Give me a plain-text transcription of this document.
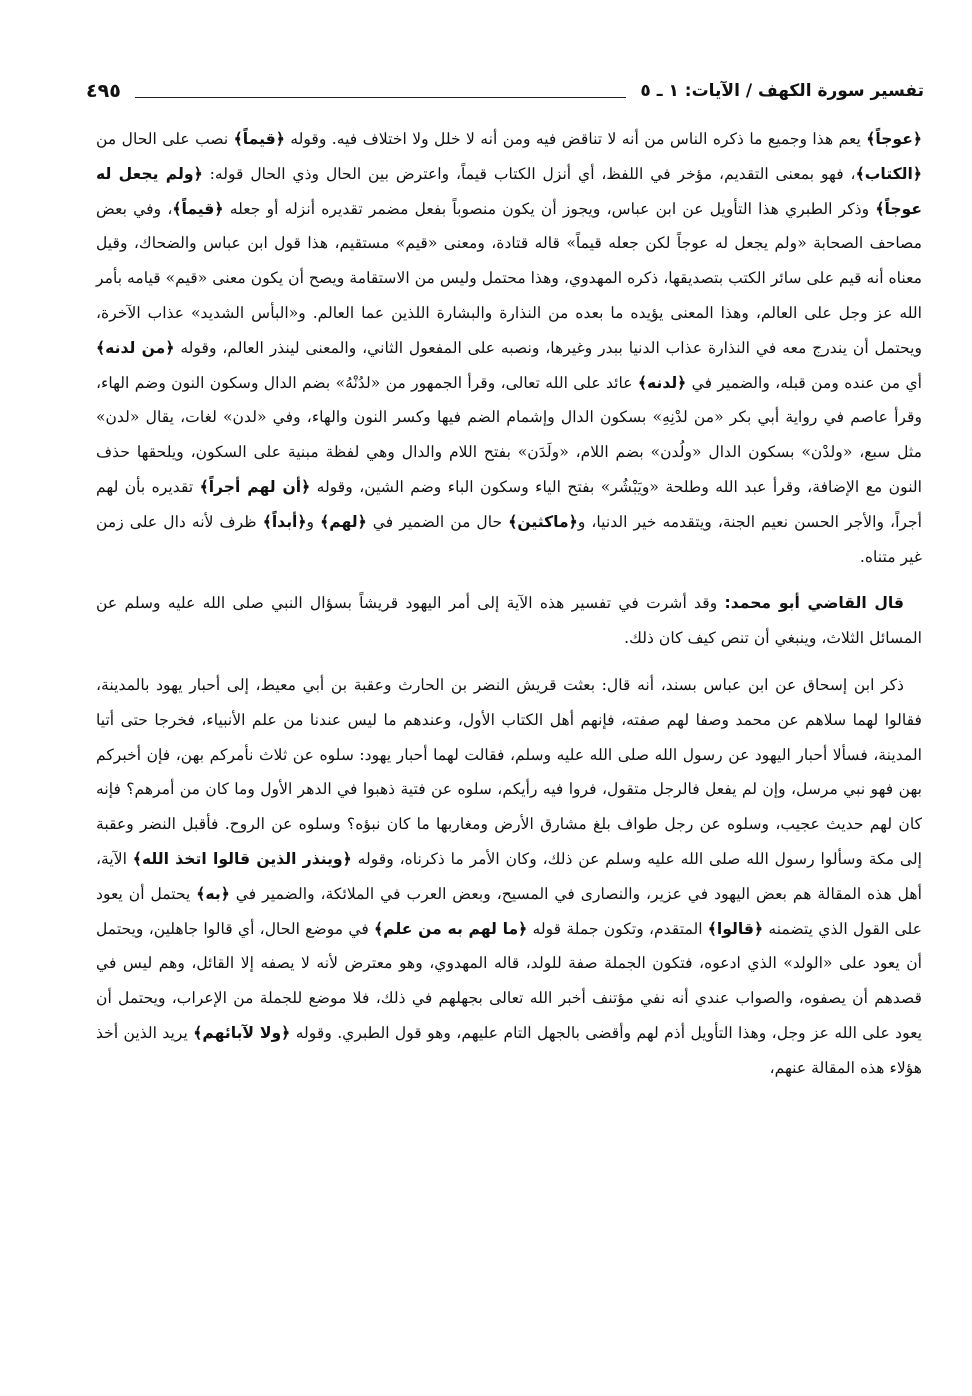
تفسير سورة الكهف / الآيات: ١ ـ ٥
٤٩٥

﴿عوجاً﴾ يعم هذا وجميع ما ذكره الناس من أنه لا تناقض فيه ومن أنه لا خلل ولا اختلاف فيه. وقوله ﴿قيماً﴾ نصب على الحال من ﴿الكتاب﴾، فهو بمعنى التقديم، مؤخر في اللفظ، أي أنزل الكتاب قيماً، واعترض بين الحال وذي الحال قوله: ﴿ولم يجعل له عوجاً﴾ وذكر الطبري هذا التأويل عن ابن عباس، ويجوز أن يكون منصوباً بفعل مضمر تقديره أنزله أو جعله ﴿قيماً﴾، وفي بعض مصاحف الصحابة «ولم يجعل له عوجاً لكن جعله قيماً» قاله قتادة، ومعنى «قيم» مستقيم، هذا قول ابن عباس والضحاك، وقيل معناه أنه قيم على سائر الكتب بتصديقها، ذكره المهدوي، وهذا محتمل وليس من الاستقامة ويصح أن يكون معنى «قيم» قيامه بأمر الله عز وجل على العالم، وهذا المعنى يؤيده ما بعده من النذارة والبشارة اللذين عما العالم. و«البأس الشديد» عذاب الآخرة، ويحتمل أن يندرج معه في النذارة عذاب الدنيا ببدر وغيرها، ونصبه على المفعول الثاني، والمعنى لينذر العالم، وقوله ﴿من لدنه﴾ أي من عنده ومن قبله، والضمير في ﴿لدنه﴾ عائد على الله تعالى، وقرأ الجمهور من «لدُنْهُ» بضم الدال وسكون النون وضم الهاء، وقرأ عاصم في رواية أبي بكر «من لدْنِهِ» بسكون الدال وإشمام الضم فيها وكسر النون والهاء، وفي «لدن» لغات، يقال «لدن» مثل سبع، «ولدْن» بسكون الدال «ولُدن» بضم اللام، «ولَدَن» بفتح اللام والدال وهي لفظة مبنية على السكون، ويلحقها حذف النون مع الإضافة، وقرأ عبد الله وطلحة «ويَبْشُر» بفتح الياء وسكون الباء وضم الشين، وقوله ﴿أن لهم أجراً﴾ تقديره بأن لهم أجراً، والأجر الحسن نعيم الجنة، ويتقدمه خير الدنيا، و﴿ماكثين﴾ حال من الضمير في ﴿لهم﴾ و﴿أبداً﴾ ظرف لأنه دال على زمن غير متناه.

قال القاضي أبو محمد: وقد أشرت في تفسير هذه الآية إلى أمر اليهود قريشاً بسؤال النبي صلى الله عليه وسلم عن المسائل الثلاث، وينبغي أن تنص كيف كان ذلك.

ذكر ابن إسحاق عن ابن عباس بسند، أنه قال: بعثت قريش النضر بن الحارث وعقبة بن أبي معيط، إلى أحبار يهود بالمدينة، فقالوا لهما سلاهم عن محمد وصفا لهم صفته، فإنهم أهل الكتاب الأول، وعندهم ما ليس عندنا من علم الأنبياء، فخرجا حتى أتيا المدينة، فسألا أحبار اليهود عن رسول الله صلى الله عليه وسلم، فقالت لهما أحبار يهود: سلوه عن ثلاث نأمركم بهن، فإن أخبركم بهن فهو نبي مرسل، وإن لم يفعل فالرجل متقول، فروا فيه رأيكم، سلوه عن فتية ذهبوا في الدهر الأول وما كان من أمرهم؟ فإنه كان لهم حديث عجيب، وسلوه عن رجل طواف بلغ مشارق الأرض ومغاربها ما كان نبؤه؟ وسلوه عن الروح. فأقبل النضر وعقبة إلى مكة وسألوا رسول الله صلى الله عليه وسلم عن ذلك، وكان الأمر ما ذكرناه، وقوله ﴿وينذر الذين قالوا اتخذ الله﴾ الآية، أهل هذه المقالة هم بعض اليهود في عزير، والنصارى في المسيح، وبعض العرب في الملائكة، والضمير في ﴿به﴾ يحتمل أن يعود على القول الذي يتضمنه ﴿قالوا﴾ المتقدم، وتكون جملة قوله ﴿ما لهم به من علم﴾ في موضع الحال، أي قالوا جاهلين، ويحتمل أن يعود على «الولد» الذي ادعوه، فتكون الجملة صفة للولد، قاله المهدوي، وهو معترض لأنه لا يصفه إلا القائل، وهم ليس في قصدهم أن يصفوه، والصواب عندي أنه نفي مؤتنف أخبر الله تعالى بجهلهم في ذلك، فلا موضع للجملة من الإعراب، ويحتمل أن يعود على الله عز وجل، وهذا التأويل أذم لهم وأقضى بالجهل التام عليهم، وهو قول الطبري. وقوله ﴿ولا لآبائهم﴾ يريد الذين أخذ هؤلاء هذه المقالة عنهم،
